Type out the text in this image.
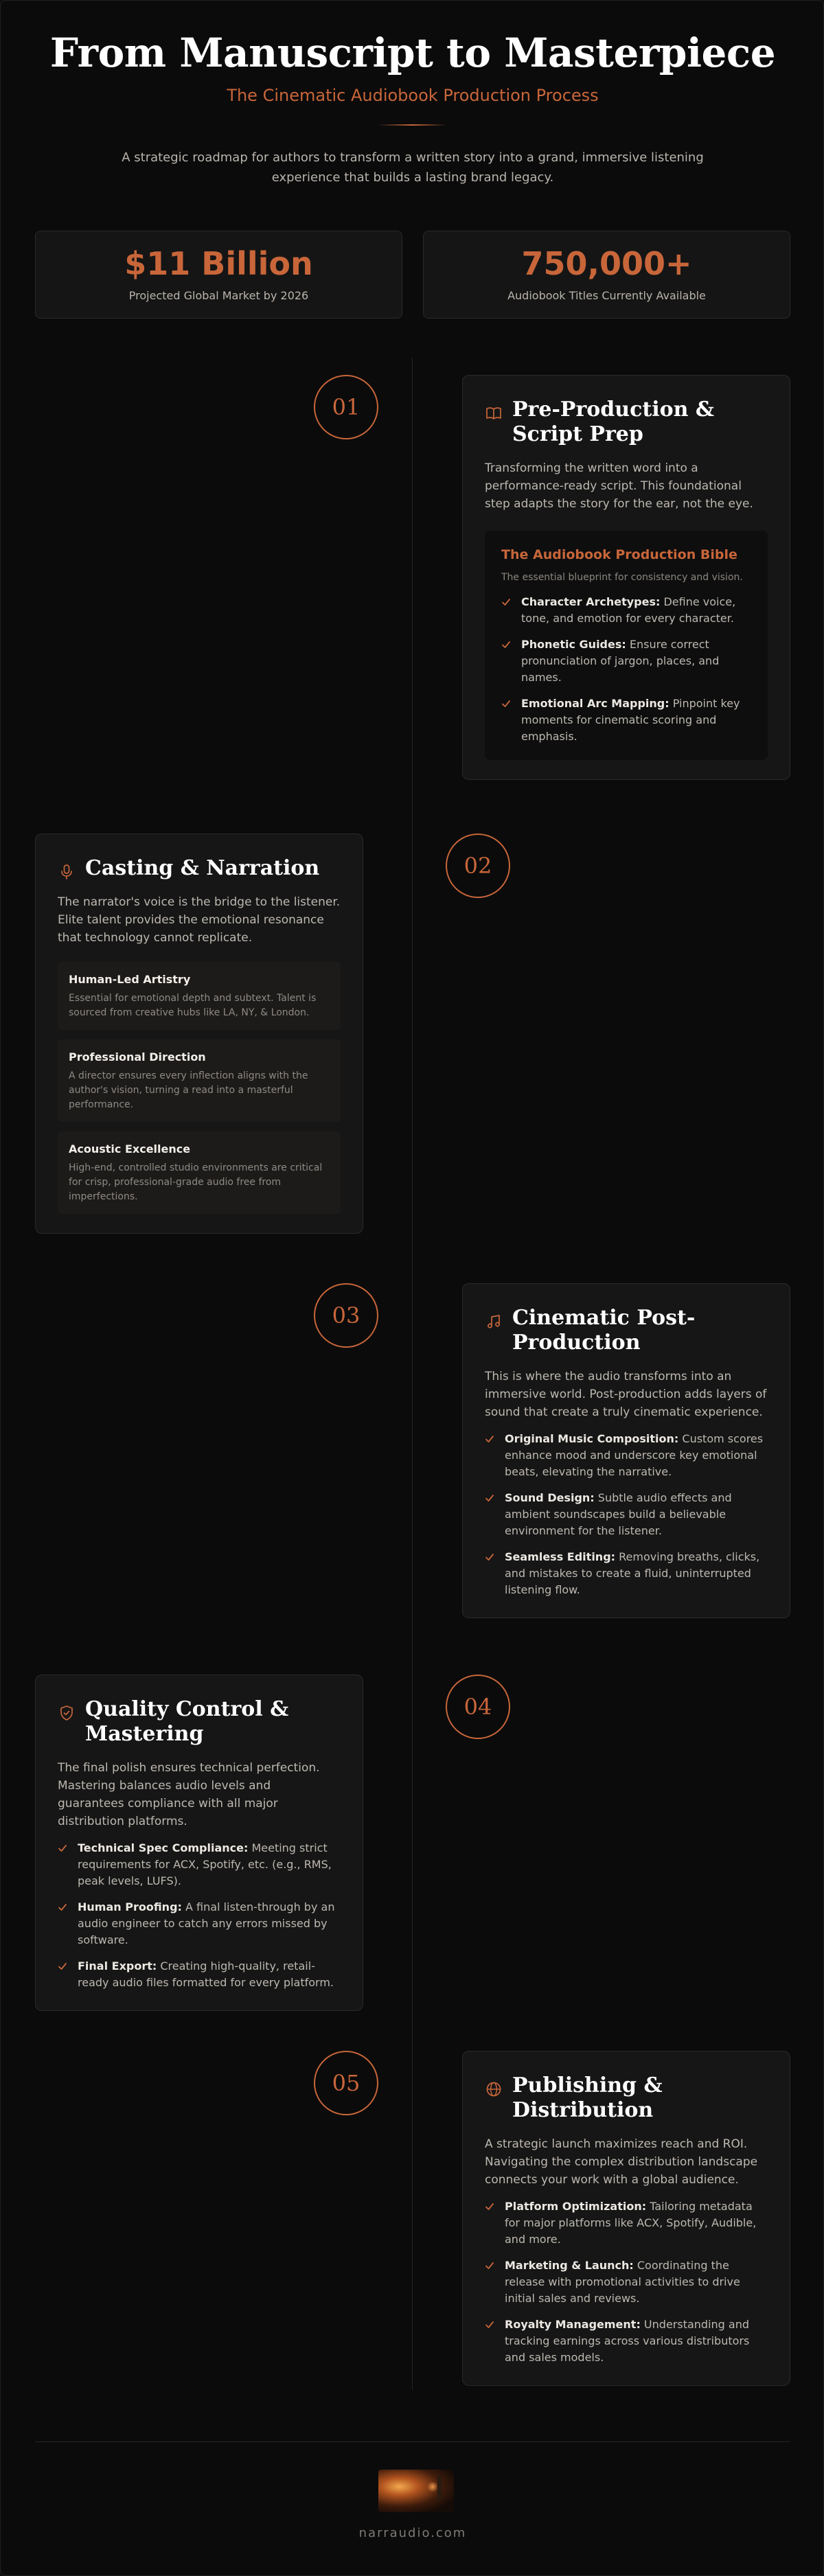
From Manuscript to Masterpiece
The Cinematic Audiobook Production Process

A strategic roadmap for authors to transform a written story into a grand, immersive listening experience that builds a lasting brand legacy.

$11 Billion
Projected Global Market by 2026
750,000+
Audiobook Titles Currently Available
01	Pre-Production & Script Prep

Transforming the written word into a performance-ready script. This foundational step adapts the story for the ear, not the eye.

The Audiobook Production Bible
The essential blueprint for consistency and vision.
Character Archetypes: Define voice, tone, and emotion for every character.
Phonetic Guides: Ensure correct pronunciation of jargon, places, and names.
Emotional Arc Mapping: Pinpoint key moments for cinematic scoring and emphasis.
02
Casting & Narration

The narrator's voice is the bridge to the listener. Elite talent provides the emotional resonance that technology cannot replicate.

Human-Led Artistry
Essential for emotional depth and subtext. Talent is sourced from creative hubs like LA, NY, & London.
Professional Direction
A director ensures every inflection aligns with the author's vision, turning a read into a masterful performance.
Acoustic Excellence
High-end, controlled studio environments are critical for crisp, professional-grade audio free from imperfections.
03	Cinematic Post-Production

This is where the audio transforms into an immersive world. Post-production adds layers of sound that create a truly cinematic experience.

Original Music Composition: Custom scores enhance mood and underscore key emotional beats, elevating the narrative.
Sound Design: Subtle audio effects and ambient soundscapes build a believable environment for the listener.
Seamless Editing: Removing breaths, clicks, and mistakes to create a fluid, uninterrupted listening flow.
04
Quality Control & Mastering

The final polish ensures technical perfection. Mastering balances audio levels and guarantees compliance with all major distribution platforms.

Technical Spec Compliance: Meeting strict requirements for ACX, Spotify, etc. (e.g., RMS, peak levels, LUFS).
Human Proofing: A final listen-through by an audio engineer to catch any errors missed by software.
Final Export: Creating high-quality, retail-ready audio files formatted for every platform.
05	Publishing & Distribution

A strategic launch maximizes reach and ROI. Navigating the complex distribution landscape connects your work with a global audience.

Platform Optimization: Tailoring metadata for major platforms like ACX, Spotify, Audible, and more.
Marketing & Launch: Coordinating the release with promotional activities to drive initial sales and reviews.
Royalty Management: Understanding and tracking earnings across various distributors and sales models.
narraudio.com
